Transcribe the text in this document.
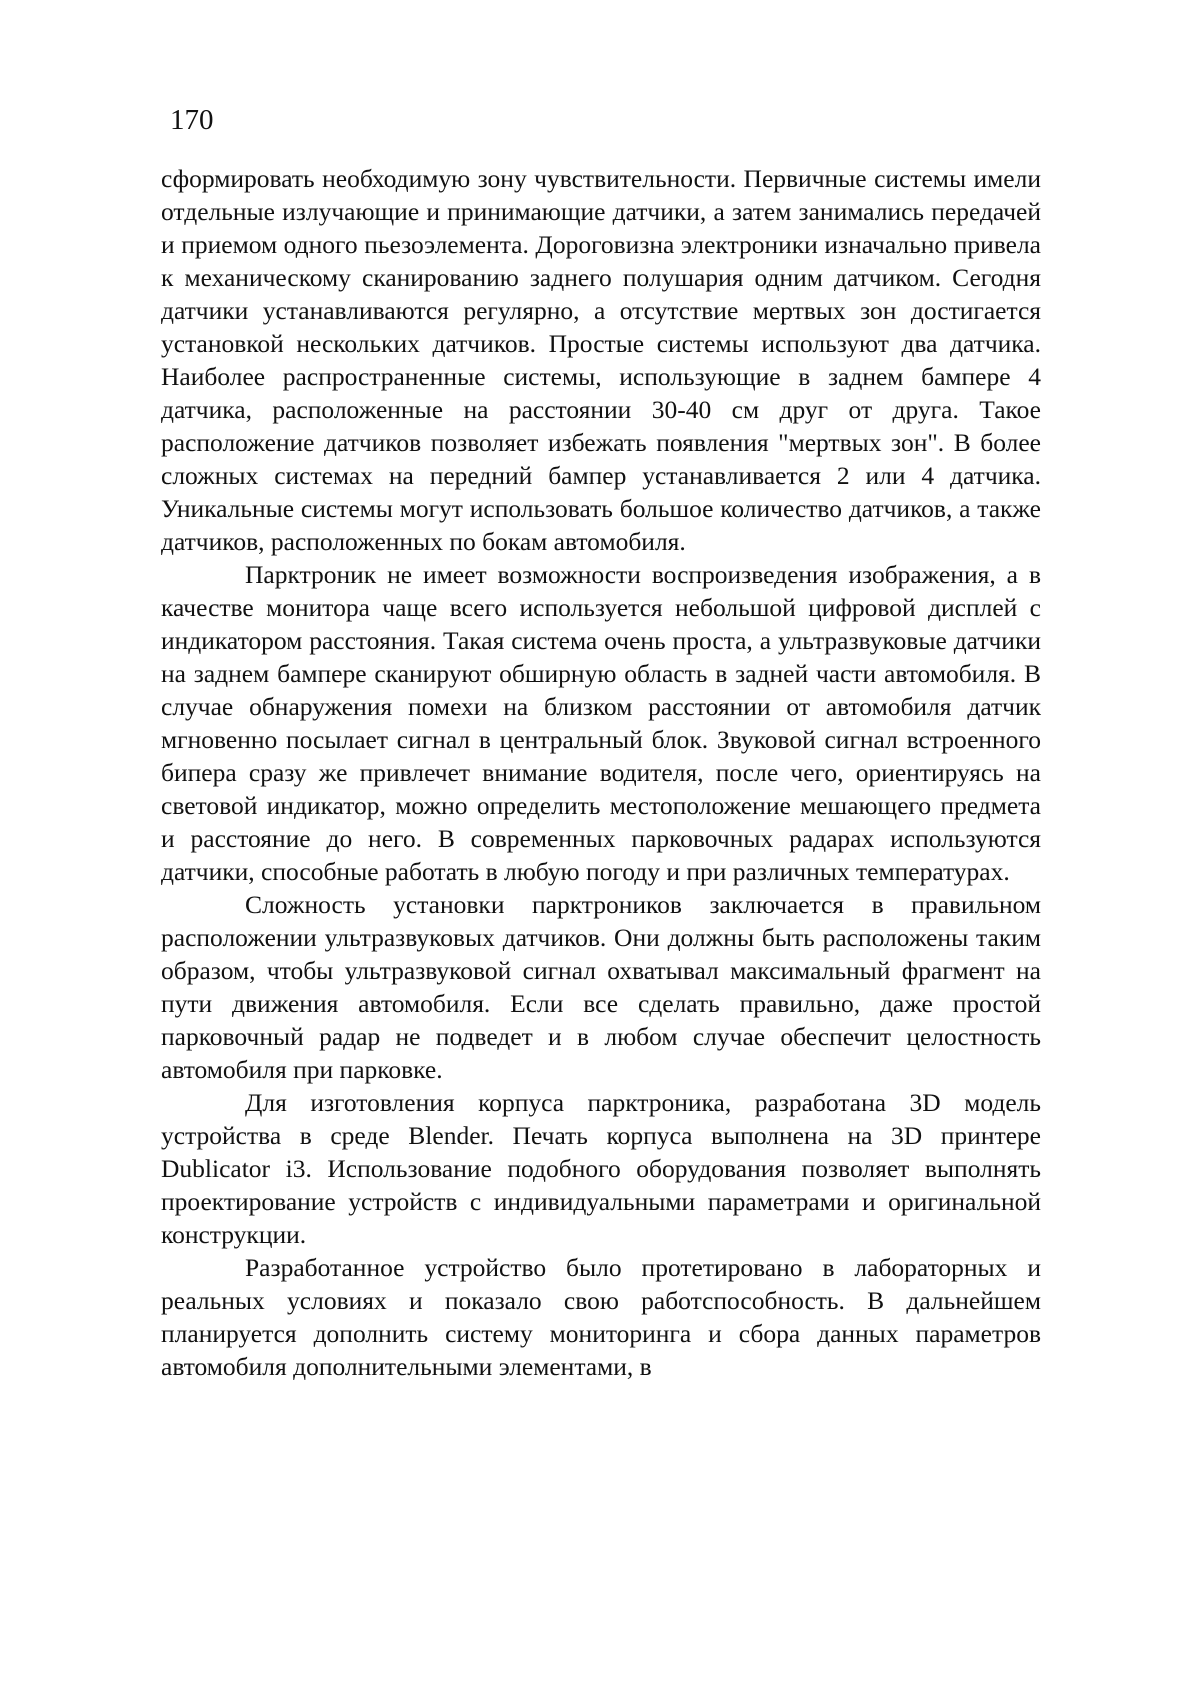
170

сформировать необходимую зону чувствительности. Первичные системы имели отдельные излучающие и принимающие датчики, а затем занимались передачей и приемом одного пьезоэлемента. Дороговизна электроники изначально привела к механическому сканированию заднего полушария одним датчиком. Сегодня датчики устанавливаются регулярно, а отсутствие мертвых зон достигается установкой нескольких датчиков. Простые системы используют два датчика. Наиболее распространенные системы, использующие в заднем бампере 4 датчика, расположенные на расстоянии 30-40 см друг от друга. Такое расположение датчиков позволяет избежать появления "мертвых зон". В более сложных системах на передний бампер устанавливается 2 или 4 датчика. Уникальные системы могут использовать большое количество датчиков, а также датчиков, расположенных по бокам автомобиля.

Парктроник не имеет возможности воспроизведения изображения, а в качестве монитора чаще всего используется небольшой цифровой дисплей с индикатором расстояния. Такая система очень проста, а ультразвуковые датчики на заднем бампере сканируют обширную область в задней части автомобиля. В случае обнаружения помехи на близком расстоянии от автомобиля датчик мгновенно посылает сигнал в центральный блок. Звуковой сигнал встроенного бипера сразу же привлечет внимание водителя, после чего, ориентируясь на световой индикатор, можно определить местоположение мешающего предмета и расстояние до него. В современных парковочных радарах используются датчики, способные работать в любую погоду и при различных температурах.

Сложность установки парктроников заключается в правильном расположении ультразвуковых датчиков. Они должны быть расположены таким образом, чтобы ультразвуковой сигнал охватывал максимальный фрагмент на пути движения автомобиля. Если все сделать правильно, даже простой парковочный радар не подведет и в любом случае обеспечит целостность автомобиля при парковке.

Для изготовления корпуса парктроника, разработана 3D модель устройства в среде Blender. Печать корпуса выполнена на 3D принтере Dublicator i3. Использование подобного оборудования позволяет выполнять проектирование устройств с индивидуальными параметрами и оригинальной конструкции.

Разработанное устройство было протетировано в лабораторных и реальных условиях и показало свою работспособность. В дальнейшем планируется дополнить систему мониторинга и сбора данных параметров автомобиля дополнительными элементами, в
